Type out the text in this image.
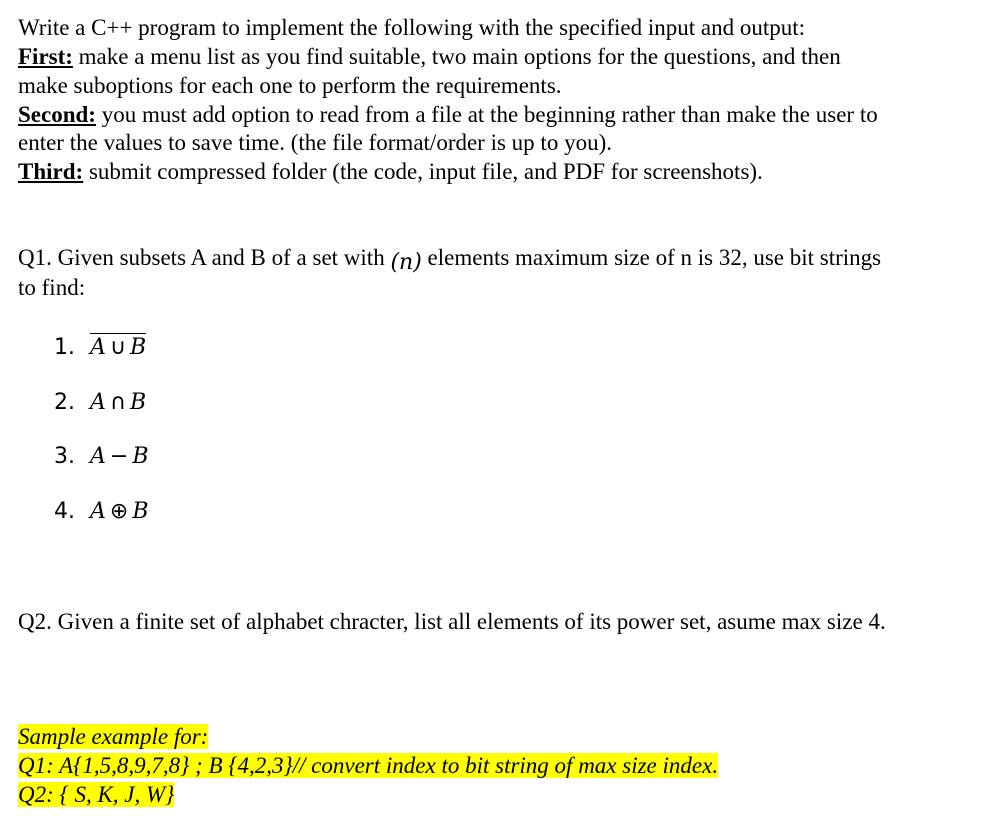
Write a C++ program to implement the following with the specified input and output:
First: make a menu list as you find suitable, two main options for the questions, and then
make suboptions for each one to perform the requirements.
Second: you must add option to read from a file at the beginning rather than make the user to
enter the values to save time. (the file format/order is up to you).
Third: submit compressed folder (the code, input file, and PDF for screenshots).
Q1. Given subsets A and B of a set with (n) elements maximum size of n is 32, use bit strings
to find:
1. A ∪ B
2. A ∩ B
3. A − B
4. A ⊕ B
Q2. Given a finite set of alphabet chracter, list all elements of its power set, asume max size 4.
Sample example for:
Q1: A{1,5,8,9,7,8} ; B {4,2,3}// convert index to bit string of max size index.
Q2: { S, K, J, W}
